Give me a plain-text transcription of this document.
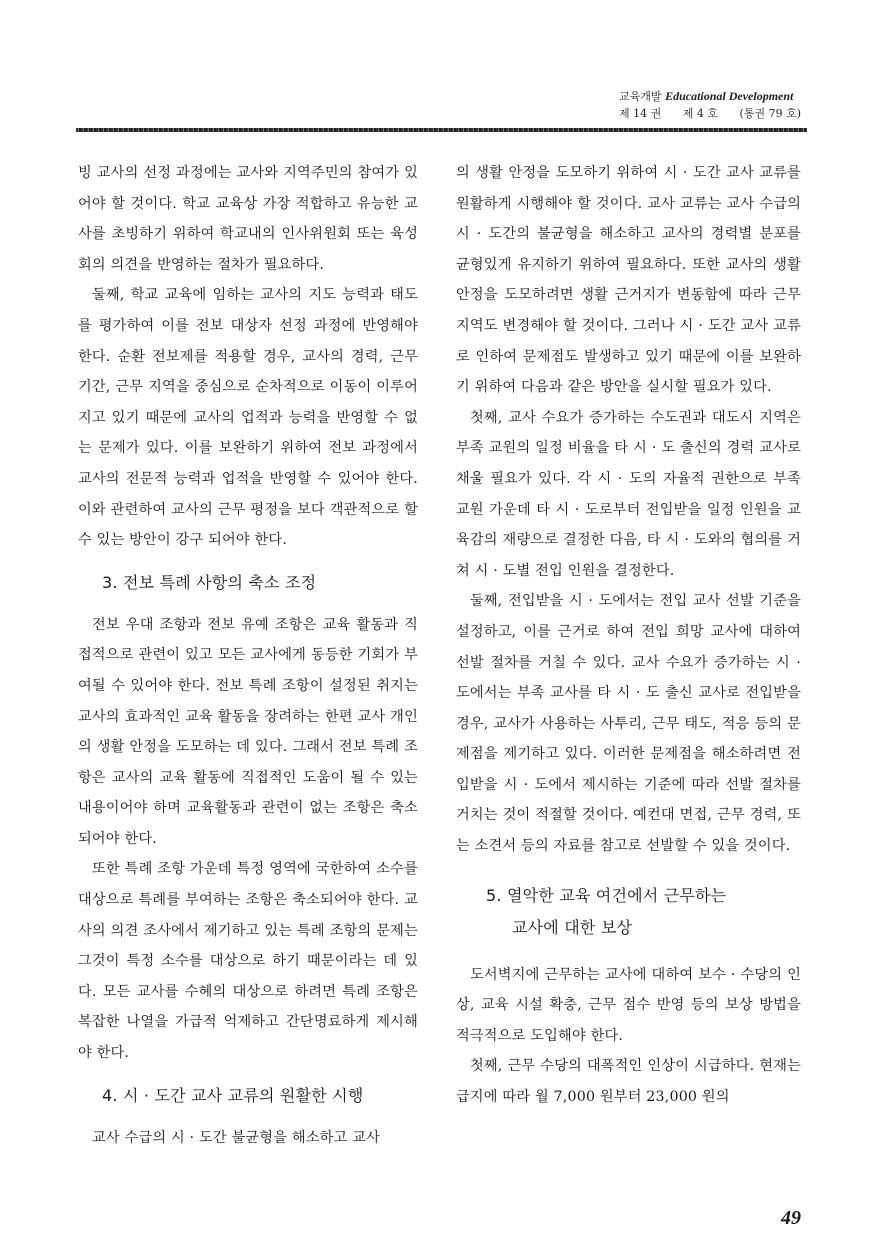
교육개발 Educational Development
제 14 권 제 4 호 (통권 79 호)

빙 교사의 선정 과정에는 교사와 지역주민의 참여가 있어야 할 것이다. 학교 교육상 가장 적합하고 유능한 교사를 초빙하기 위하여 학교내의 인사위원회 또는 육성회의 의견을 반영하는 절차가 필요하다.

둘째, 학교 교육에 임하는 교사의 지도 능력과 태도를 평가하여 이를 전보 대상자 선정 과정에 반영해야 한다. 순환 전보제를 적용할 경우, 교사의 경력, 근무 기간, 근무 지역을 중심으로 순차적으로 이동이 이루어지고 있기 때문에 교사의 업적과 능력을 반영할 수 없는 문제가 있다. 이를 보완하기 위하여 전보 과정에서 교사의 전문적 능력과 업적을 반영할 수 있어야 한다. 이와 관련하여 교사의 근무 평정을 보다 객관적으로 할 수 있는 방안이 강구 되어야 한다.

3. 전보 특례 사항의 축소 조정

전보 우대 조항과 전보 유예 조항은 교육 활동과 직접적으로 관련이 있고 모든 교사에게 동등한 기회가 부여될 수 있어야 한다. 전보 특례 조항이 설정된 취지는 교사의 효과적인 교육 활동을 장려하는 한편 교사 개인의 생활 안정을 도모하는 데 있다. 그래서 전보 특례 조항은 교사의 교육 활동에 직접적인 도움이 될 수 있는 내용이어야 하며 교육활동과 관련이 없는 조항은 축소되어야 한다.

또한 특례 조항 가운데 특정 영역에 국한하여 소수를 대상으로 특례를 부여하는 조항은 축소되어야 한다. 교사의 의견 조사에서 제기하고 있는 특례 조항의 문제는 그것이 특정 소수를 대상으로 하기 때문이라는 데 있다. 모든 교사를 수혜의 대상으로 하려면 특례 조항은 복잡한 나열을 가급적 억제하고 간단명료하게 제시해야 한다.

4. 시 · 도간 교사 교류의 원활한 시행

교사 수급의 시 · 도간 불균형을 해소하고 교사

의 생활 안정을 도모하기 위하여 시 · 도간 교사 교류를 원활하게 시행해야 할 것이다. 교사 교류는 교사 수급의 시 · 도간의 불균형을 해소하고 교사의 경력별 분포를 균형있게 유지하기 위하여 필요하다. 또한 교사의 생활 안정을 도모하려면 생활 근거지가 변동함에 따라 근무 지역도 변경해야 할 것이다. 그러나 시 · 도간 교사 교류로 인하여 문제점도 발생하고 있기 때문에 이를 보완하기 위하여 다음과 같은 방안을 실시할 필요가 있다.

첫째, 교사 수요가 증가하는 수도권과 대도시 지역은 부족 교원의 일정 비율을 타 시 · 도 출신의 경력 교사로 채울 필요가 있다. 각 시 · 도의 자율적 권한으로 부족 교원 가운데 타 시 · 도로부터 전입받을 일정 인원을 교육감의 재량으로 결정한 다음, 타 시 · 도와의 협의를 거쳐 시 · 도별 전입 인원을 결정한다.

둘째, 전입받을 시 · 도에서는 전입 교사 선발 기준을 설정하고, 이를 근거로 하여 전입 희망 교사에 대하여 선발 절차를 거칠 수 있다. 교사 수요가 증가하는 시 · 도에서는 부족 교사를 타 시 · 도 출신 교사로 전입받을 경우, 교사가 사용하는 사투리, 근무 태도, 적응 등의 문제점을 제기하고 있다. 이러한 문제점을 해소하려면 전입받을 시 · 도에서 제시하는 기준에 따라 선발 절차를 거치는 것이 적절할 것이다. 예컨대 면접, 근무 경력, 또는 소견서 등의 자료를 참고로 선발할 수 있을 것이다.

5. 열악한 교육 여건에서 근무하는
교사에 대한 보상

도서벽지에 근무하는 교사에 대하여 보수 · 수당의 인상, 교육 시설 확충, 근무 점수 반영 등의 보상 방법을 적극적으로 도입해야 한다.

첫째, 근무 수당의 대폭적인 인상이 시급하다. 현재는 급지에 따라 월 7,000 원부터 23,000 원의

49
